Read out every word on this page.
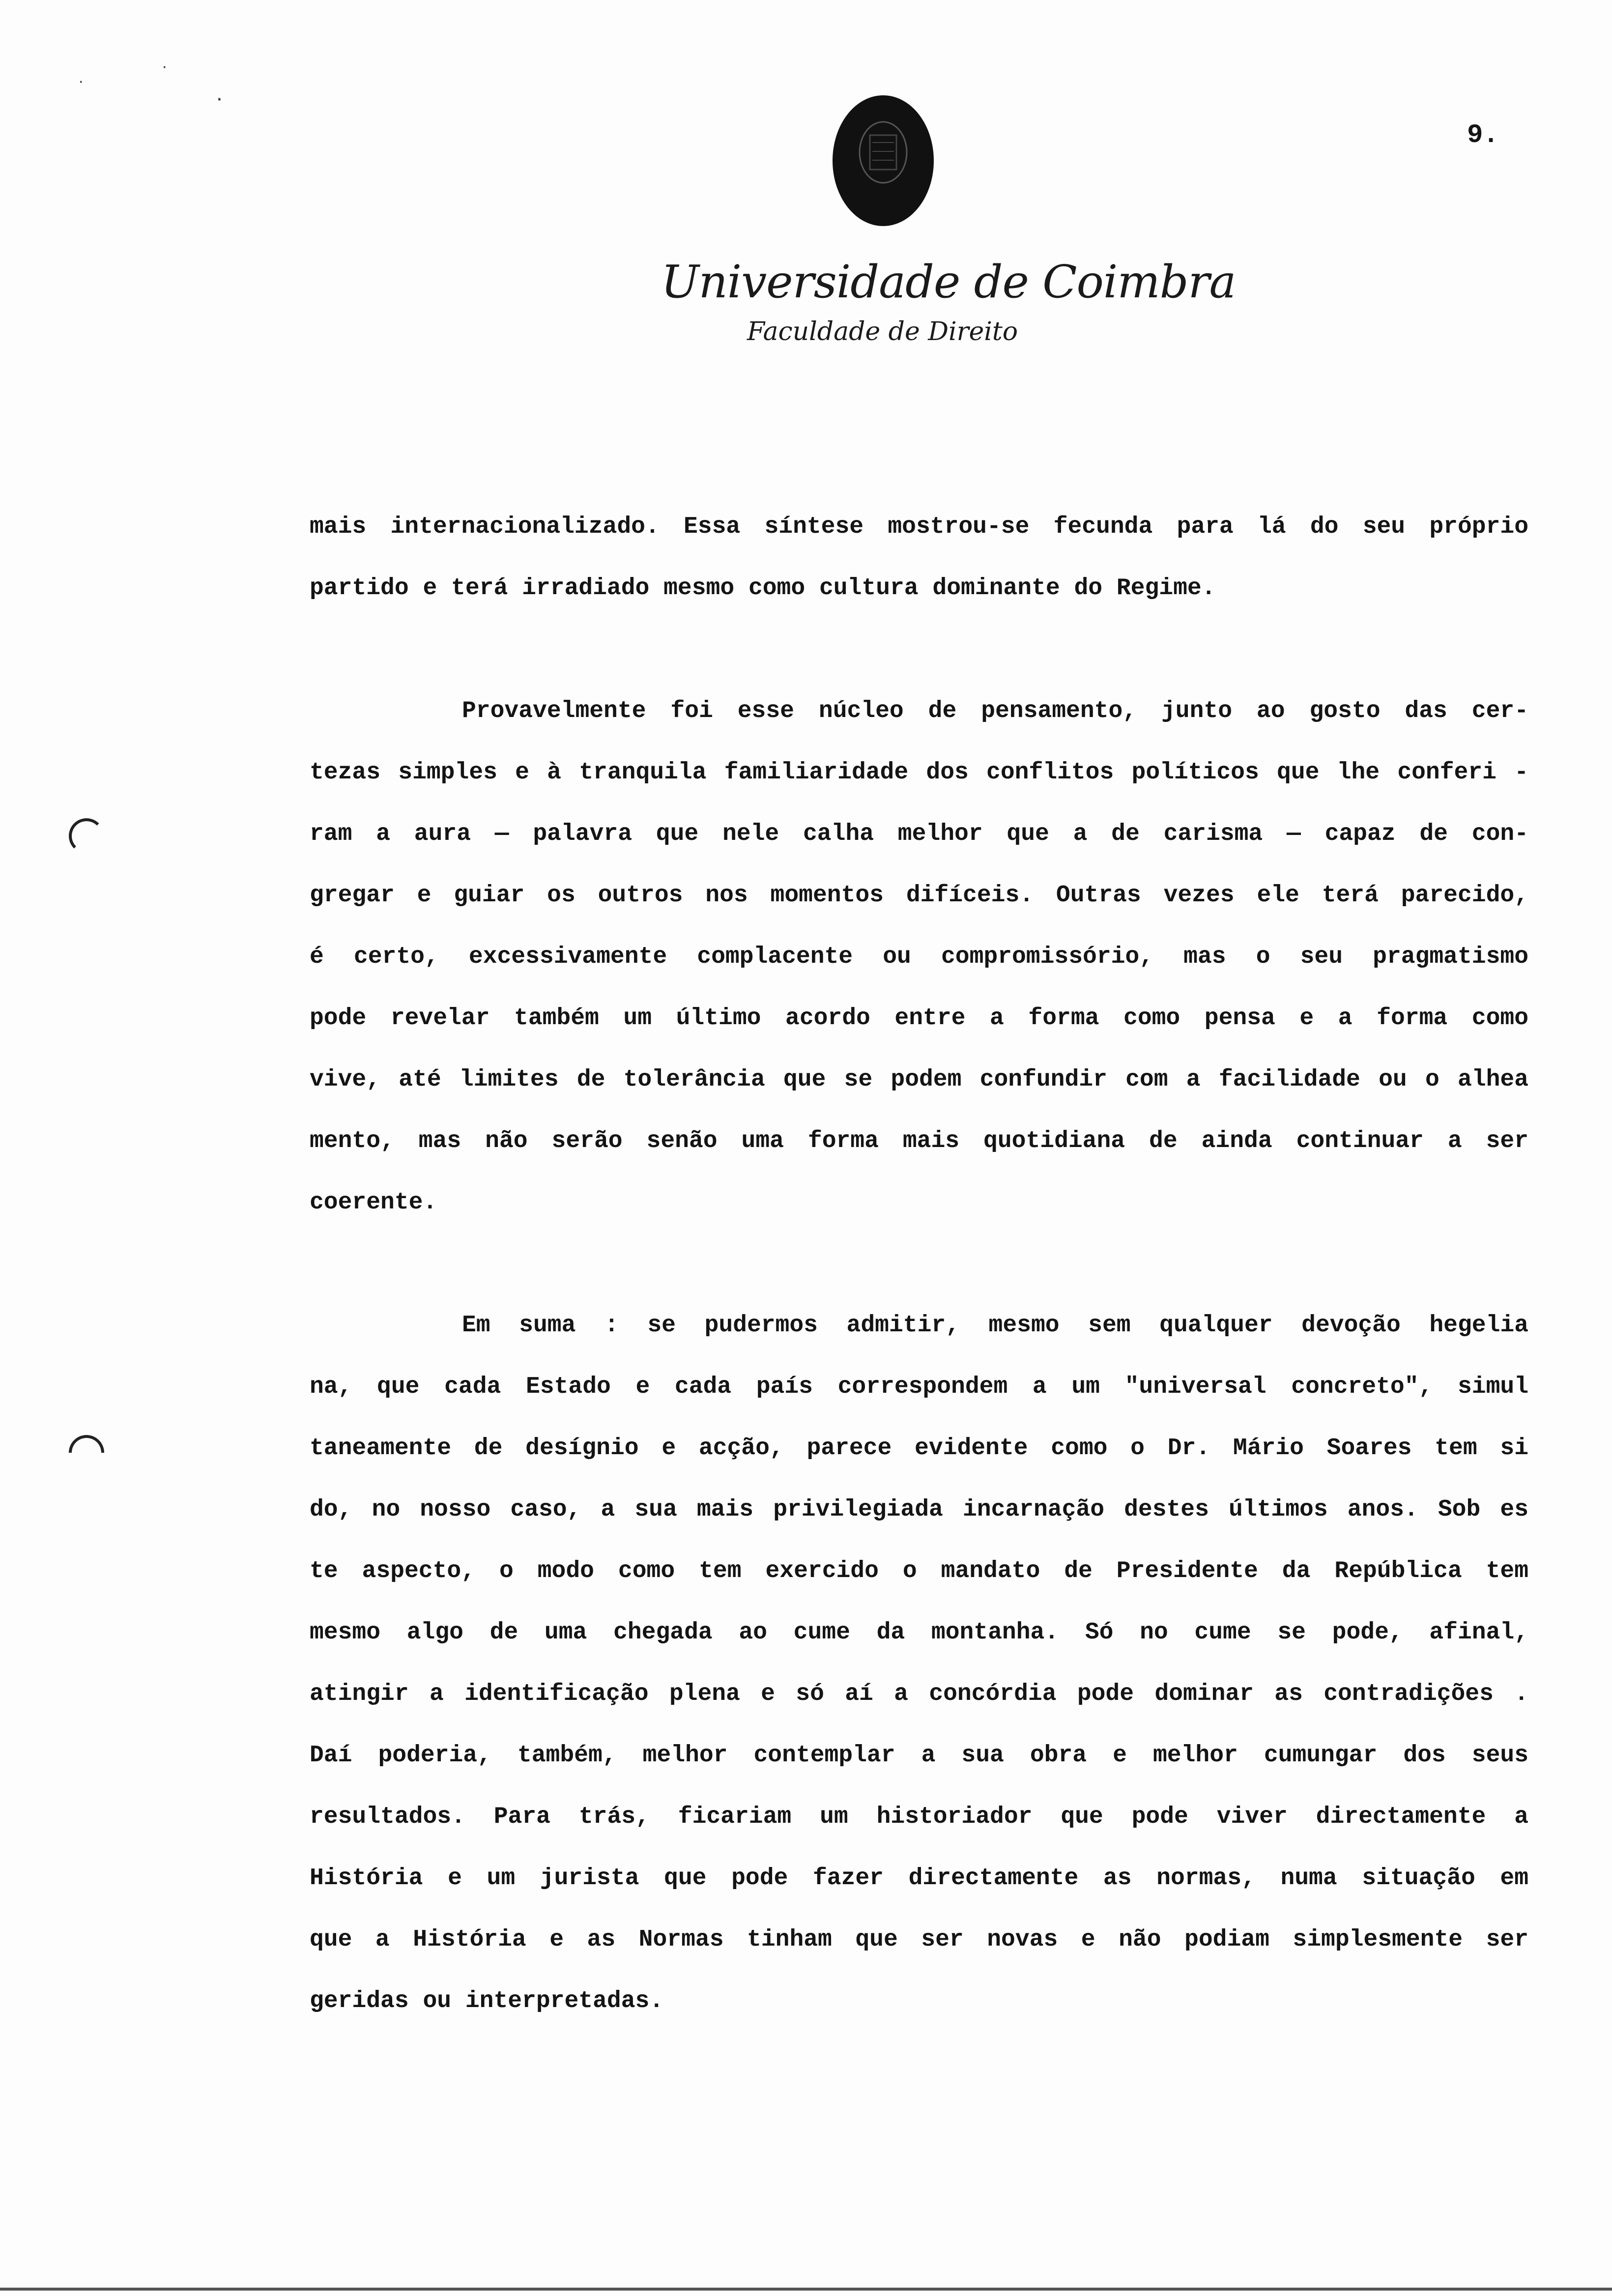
9.
Universidade de Coimbra
Faculdade de Direito
mais internacionalizado. Essa síntese mostrou-se fecunda para lá do seu próprio
partido e terá irradiado mesmo como cultura dominante do Regime.
Provavelmente foi esse núcleo de pensamento, junto ao gosto das cer-
tezas simples e à tranquila familiaridade dos conflitos políticos que lhe conferi -
ram a aura — palavra que nele calha melhor que a de carisma — capaz de con-
gregar e guiar os outros nos momentos difíceis. Outras vezes ele terá parecido,
é certo, excessivamente complacente ou compromissório, mas o seu pragmatismo
pode revelar também um último acordo entre a forma como pensa e a forma como
vive, até limites de tolerância que se podem confundir com a facilidade ou o alhea
mento, mas não serão senão uma forma mais quotidiana de ainda continuar a ser
coerente.
Em suma : se pudermos admitir, mesmo sem qualquer devoção hegelia
na, que cada Estado e cada país correspondem a um "universal concreto", simul
taneamente de desígnio e acção, parece evidente como o Dr. Mário Soares tem si
do, no nosso caso, a sua mais privilegiada incarnação destes últimos anos. Sob es
te aspecto, o modo como tem exercido o mandato de Presidente da República tem
mesmo algo de uma chegada ao cume da montanha. Só no cume se pode, afinal,
atingir a identificação plena e só aí a concórdia pode dominar as contradições .
Daí poderia, também, melhor contemplar a sua obra e melhor cumungar dos seus
resultados. Para trás, ficariam um historiador que pode viver directamente a
História e um jurista que pode fazer directamente as normas, numa situação em
que a História e as Normas tinham que ser novas e não podiam simplesmente ser
geridas ou interpretadas.
·
·
·
